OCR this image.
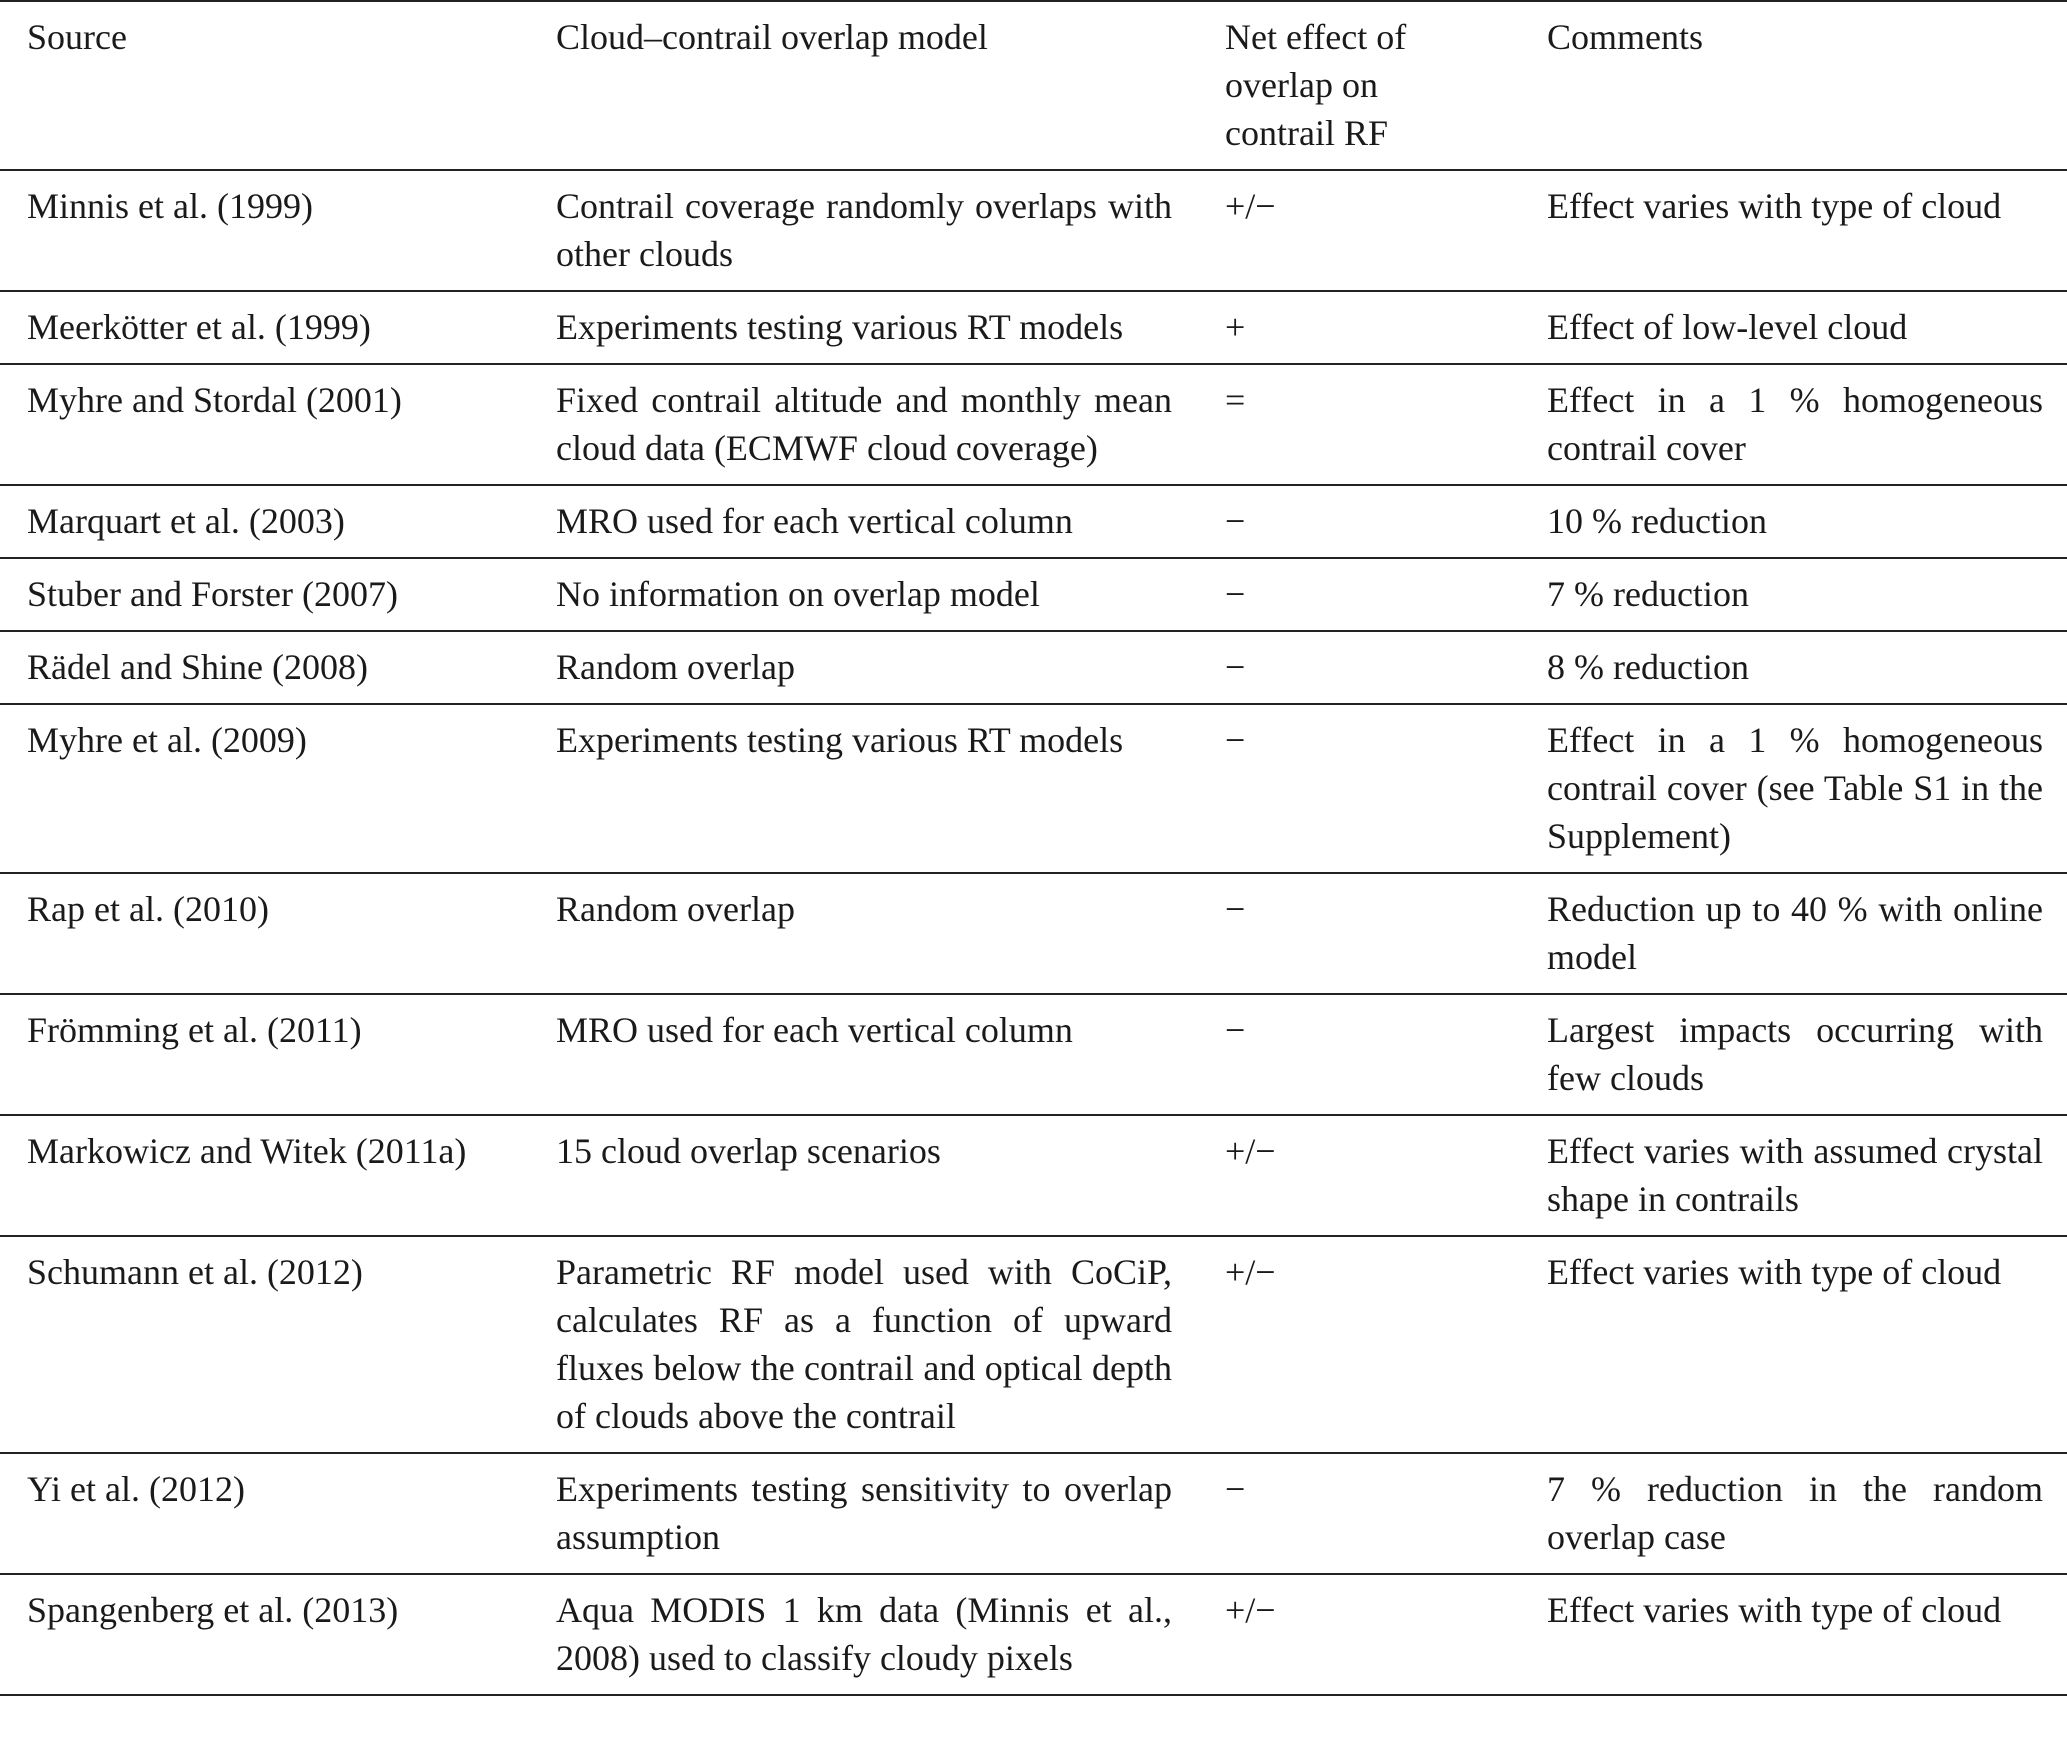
Source	Cloud–contrail overlap model	Net effect of overlap on contrail RF	Comments
Minnis et al. (1999)	Contrail coverage randomly overlaps with other clouds	+/−	Effect varies with type of cloud
Meerkötter et al. (1999)	Experiments testing various RT models	+	Effect of low-level cloud
Myhre and Stordal (2001)	Fixed contrail altitude and monthly mean cloud data (ECMWF cloud coverage)	=	Effect in a 1 % homogeneous contrail cover
Marquart et al. (2003)	MRO used for each vertical column	−	10 % reduction
Stuber and Forster (2007)	No information on overlap model	−	7 % reduction
Rädel and Shine (2008)	Random overlap	−	8 % reduction
Myhre et al. (2009)	Experiments testing various RT models	−	Effect in a 1 % homogeneous contrail cover (see Table S1 in the Supplement)
Rap et al. (2010)	Random overlap	−	Reduction up to 40 % with online model
Frömming et al. (2011)	MRO used for each vertical column	−	Largest impacts occurring with few clouds
Markowicz and Witek (2011a)	15 cloud overlap scenarios	+/−	Effect varies with assumed crystal shape in contrails
Schumann et al. (2012)	Parametric RF model used with CoCiP, calculates RF as a function of upward fluxes below the contrail and optical depth of clouds above the contrail	+/−	Effect varies with type of cloud
Yi et al. (2012)	Experiments testing sensitivity to overlap assumption	−	7 % reduction in the random overlap case
Spangenberg et al. (2013)	Aqua MODIS 1 km data (Minnis et al., 2008) used to classify cloudy pixels	+/−	Effect varies with type of cloud
